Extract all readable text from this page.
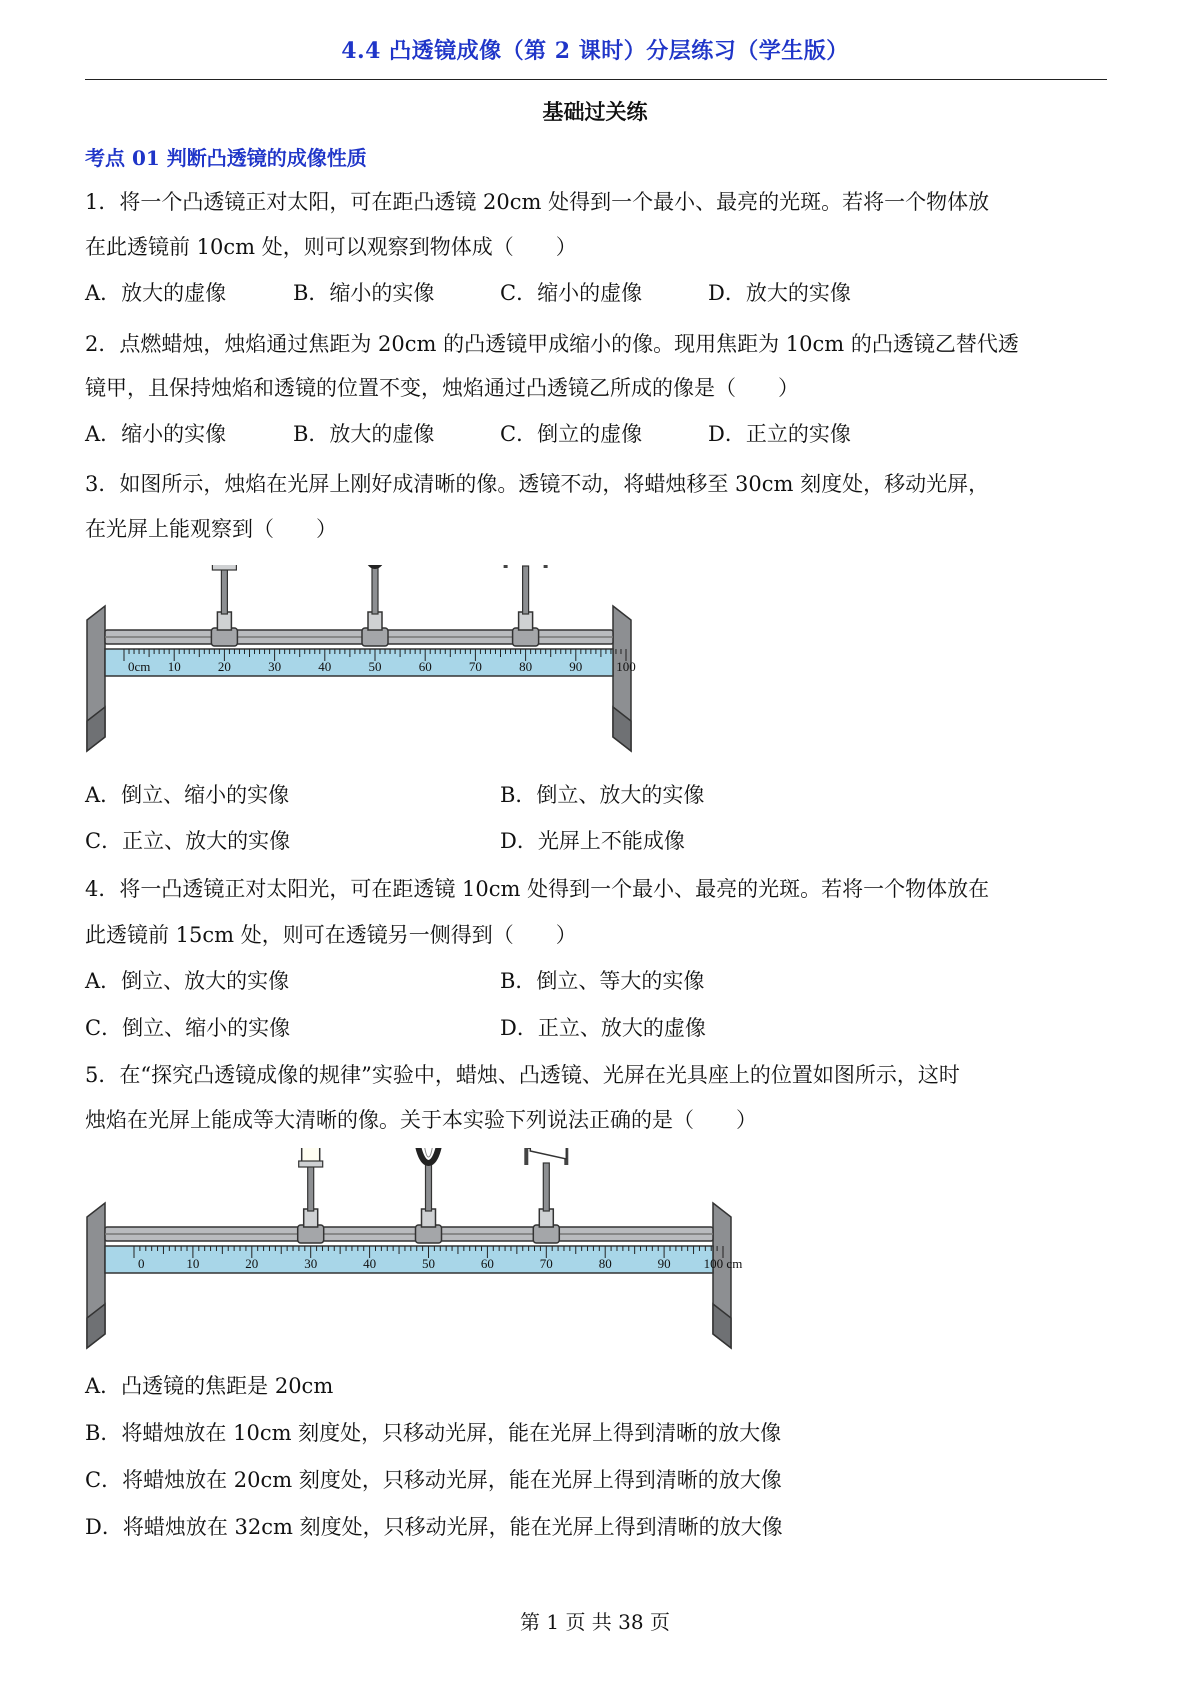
4.4 凸透镜成像（第 2 课时）分层练习（学生版）
基础过关练
考点 01 判断凸透镜的成像性质
1．将一个凸透镜正对太阳，可在距凸透镜 20cm 处得到一个最小、最亮的光斑。若将一个物体放
在此透镜前 10cm 处，则可以观察到物体成（　　）
A．放大的虚像	B．缩小的实像	C．缩小的虚像	D．放大的实像
2．点燃蜡烛，烛焰通过焦距为 20cm 的凸透镜甲成缩小的像。现用焦距为 10cm 的凸透镜乙替代透
镜甲，且保持烛焰和透镜的位置不变，烛焰通过凸透镜乙所成的像是（　　）
A．缩小的实像	B．放大的虚像	C．倒立的虚像	D．正立的实像
3．如图所示，烛焰在光屏上刚好成清晰的像。透镜不动，将蜡烛移至 30cm 刻度处，移动光屏，
在光屏上能观察到（　　）
0cm 10	20	30	40	50	60	70	80	90	100
A．倒立、缩小的实像	B．倒立、放大的实像
C．正立、放大的实像	D．光屏上不能成像
4．将一凸透镜正对太阳光，可在距透镜 10cm 处得到一个最小、最亮的光斑。若将一个物体放在
此透镜前 15cm 处，则可在透镜另一侧得到（　　）
A．倒立、放大的实像	B．倒立、等大的实像
C．倒立、缩小的实像	D．正立、放大的虚像
5．在“探究凸透镜成像的规律”实验中，蜡烛、凸透镜、光屏在光具座上的位置如图所示，这时
烛焰在光屏上能成等大清晰的像。关于本实验下列说法正确的是（　　）
0	10	20	30	40	50	60	70	80	90	100 cm
A．凸透镜的焦距是 20cm
B．将蜡烛放在 10cm 刻度处，只移动光屏，能在光屏上得到清晰的放大像
C．将蜡烛放在 20cm 刻度处，只移动光屏，能在光屏上得到清晰的放大像
D．将蜡烛放在 32cm 刻度处，只移动光屏，能在光屏上得到清晰的放大像
第 1 页 共 38 页
